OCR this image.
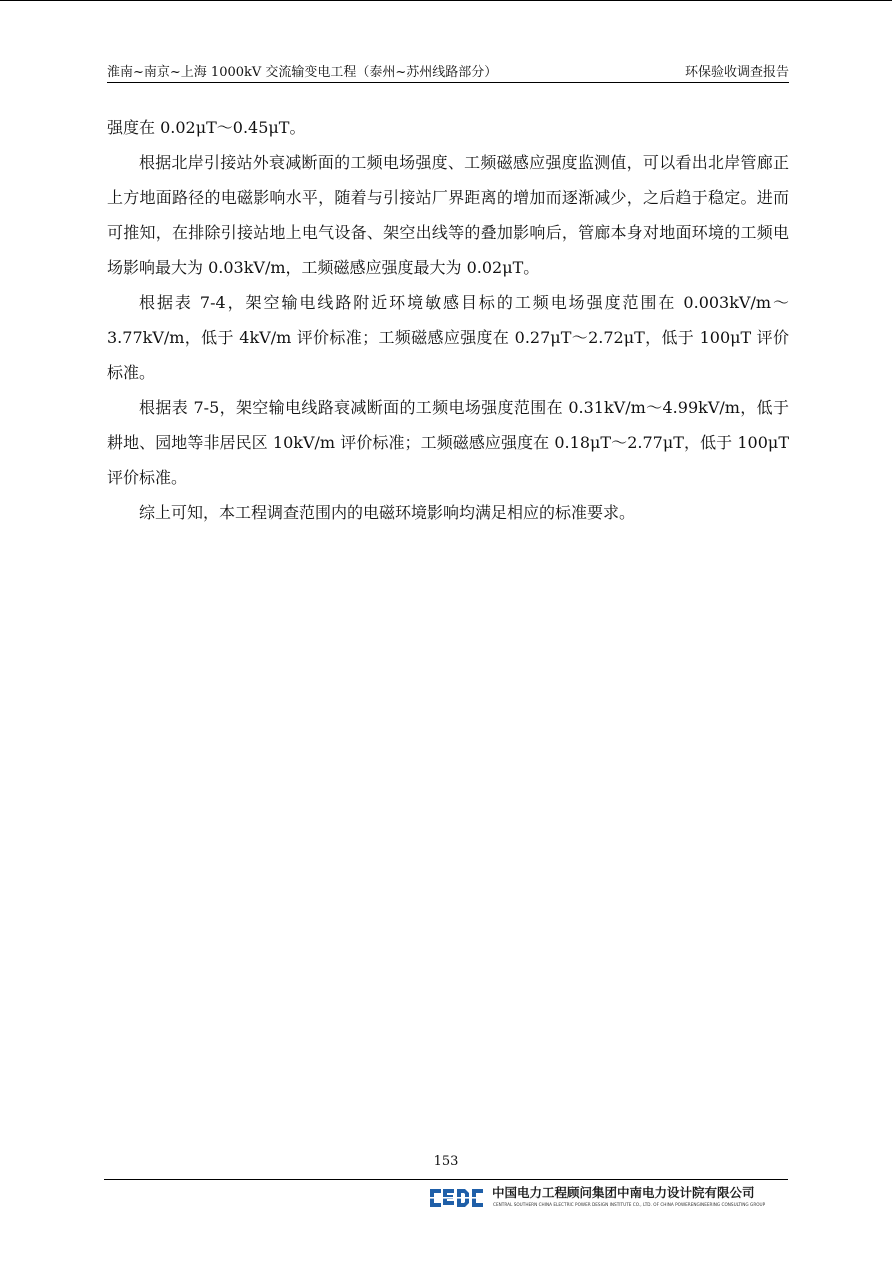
淮南~南京~上海 1000kV 交流输变电工程（泰州~苏州线路部分）	环保验收调查报告

强度在 0.02μT～0.45μT。

根据北岸引接站外衰减断面的工频电场强度、工频磁感应强度监测值，可以看出北岸管廊正上方地面路径的电磁影响水平，随着与引接站厂界距离的增加而逐渐减少，之后趋于稳定。进而可推知，在排除引接站地上电气设备、架空出线等的叠加影响后，管廊本身对地面环境的工频电场影响最大为 0.03kV/m，工频磁感应强度最大为 0.02μT。

根据表 7-4，架空输电线路附近环境敏感目标的工频电场强度范围在 0.003kV/m～3.77kV/m，低于 4kV/m 评价标准；工频磁感应强度在 0.27μT～2.72μT，低于 100μT 评价标准。

根据表 7-5，架空输电线路衰减断面的工频电场强度范围在 0.31kV/m～4.99kV/m，低于耕地、园地等非居民区 10kV/m 评价标准；工频磁感应强度在 0.18μT～2.77μT，低于 100μT 评价标准。

综上可知，本工程调查范围内的电磁环境影响均满足相应的标准要求。

153
中国电力工程顾问集团中南电力设计院有限公司
CENTRAL SOUTHERN CHINA ELECTRIC POWER DESIGN INSTITUTE CO., LTD. OF CHINA POWERENGINEERING CONSULTING GROUP
